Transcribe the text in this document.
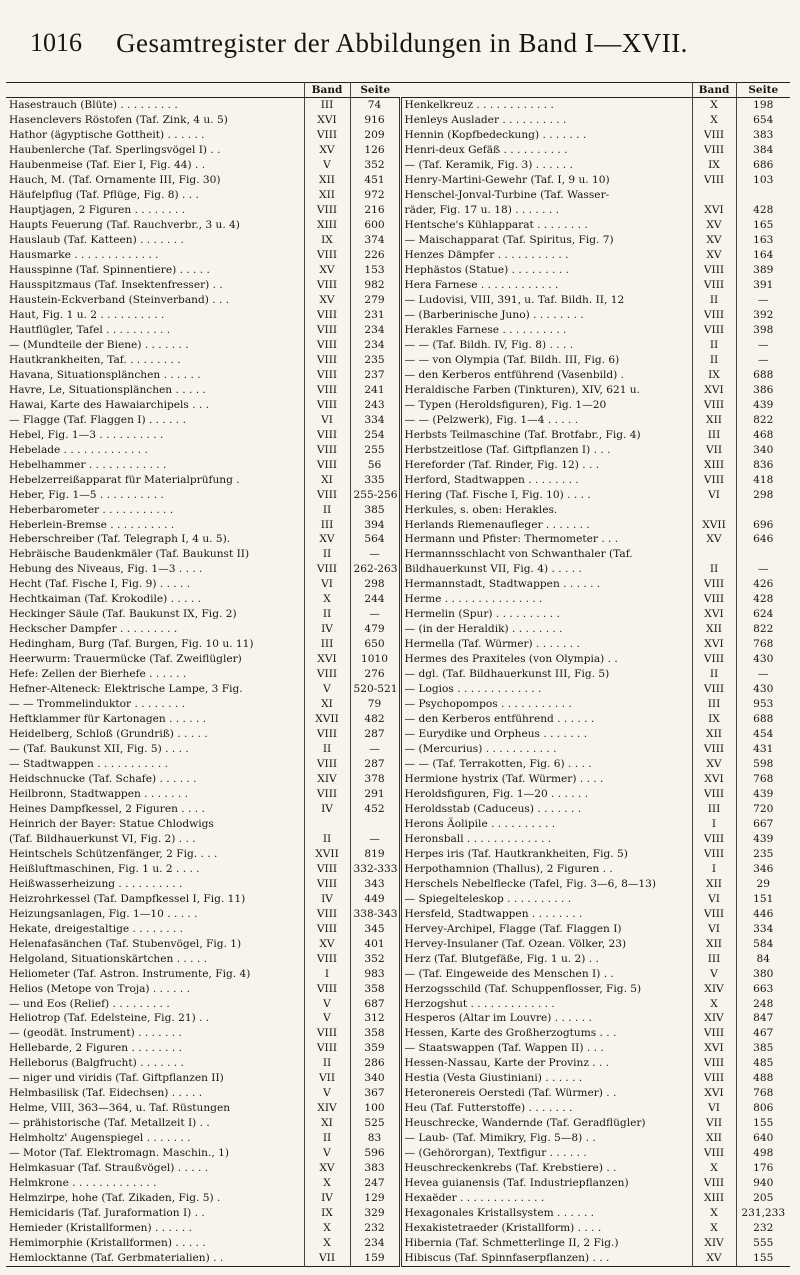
1016	Gesamtregister der Abbildungen in Band I—XVII.
	Band	Seite		Band	Seite
Hasestrauch (Blüte) . . . . . . . . .	III	74	Henkelkreuz . . . . . . . . . . . .	X	198
Hasenclevers Röstofen (Taf. Zink, 4 u. 5)	XVI	916	Henleys Auslader . . . . . . . . . .	X	654
Hathor (ägyptische Gottheit) . . . . . .	VIII	209	Hennin (Kopfbedeckung) . . . . . . .	VIII	383
Haubenlerche (Taf. Sperlingsvögel I) . .	XV	126	Henri-deux Gefäß . . . . . . . . . .	VIII	384
Haubenmeise (Taf. Eier I, Fig. 44) . .	V	352	— (Taf. Keramik, Fig. 3) . . . . . .	IX	686
Hauch, M. (Taf. Ornamente III, Fig. 30)	XII	451	Henry-Martini-Gewehr (Taf. I, 9 u. 10)	VIII	103
Häufelpflug (Taf. Pflüge, Fig. 8) . . .	XII	972	Henschel-Jonval-Turbine (Taf. Wasser-		
Hauptjagen, 2 Figuren . . . . . . . .	VIII	216	räder, Fig. 17 u. 18) . . . . . . .	XVI	428
Haupts Feuerung (Taf. Rauchverbr., 3 u. 4)	XIII	600	Hentsche's Kühlapparat . . . . . . . .	XV	165
Hauslaub (Taf. Katteen) . . . . . . .	IX	374	— Maischapparat (Taf. Spiritus, Fig. 7)	XV	163
Hausmarke . . . . . . . . . . . . .	VIII	226	Henzes Dämpfer . . . . . . . . . . .	XV	164
Hausspinne (Taf. Spinnentiere) . . . . .	XV	153	Hephästos (Statue) . . . . . . . . .	VIII	389
Hausspitzmaus (Taf. Insektenfresser) . .	VIII	982	Hera Farnese . . . . . . . . . . . .	VIII	391
Haustein-Eckverband (Steinverband) . . .	XV	279	— Ludovisi, VIII, 391, u. Taf. Bildh. II, 12	II	—
Haut, Fig. 1 u. 2 . . . . . . . . . .	VIII	231	— (Barberinische Juno) . . . . . . . .	VIII	392
Hautflügler, Tafel . . . . . . . . . .	VIII	234	Herakles Farnese . . . . . . . . . .	VIII	398
— (Mundteile der Biene) . . . . . . .	VIII	234	— — (Taf. Bildh. IV, Fig. 8) . . . .	II	—
Hautkrankheiten, Taf. . . . . . . . .	VIII	235	— — von Olympia (Taf. Bildh. III, Fig. 6)	II	—
Havana, Situationsplänchen . . . . . .	VIII	237	— den Kerberos entführend (Vasenbild) .	IX	688
Havre, Le, Situationsplänchen . . . . .	VIII	241	Heraldische Farben (Tinkturen), XIV, 621 u.	XVI	386
Hawai, Karte des Hawaiarchipels . . .	VIII	243	— Typen (Heroldsfiguren), Fig. 1—20	VIII	439
— Flagge (Taf. Flaggen I) . . . . . .	VI	334	— — (Pelzwerk), Fig. 1—4 . . . . .	XII	822
Hebel, Fig. 1—3 . . . . . . . . . .	VIII	254	Herbsts Teilmaschine (Taf. Brotfabr., Fig. 4)	III	468
Hebelade . . . . . . . . . . . . .	VIII	255	Herbstzeitlose (Taf. Giftpflanzen I) . . .	VII	340
Hebelhammer . . . . . . . . . . . .	VIII	56	Hereforder (Taf. Rinder, Fig. 12) . . .	XIII	836
Hebelzerreißapparat für Materialprüfung .	XI	335	Herford, Stadtwappen . . . . . . . .	VIII	418
Heber, Fig. 1—5 . . . . . . . . . .	VIII	255-256	Hering (Taf. Fische I, Fig. 10) . . . .	VI	298
Heberbarometer . . . . . . . . . . .	II	385	Herkules, s. oben: Herakles.		
Heberlein-Bremse . . . . . . . . . .	III	394	Herlands Riemenaufleger . . . . . . .	XVII	696
Heberschreiber (Taf. Telegraph I, 4 u. 5).	XV	564	Hermann und Pfister: Thermometer . . .	XV	646
Hebräische Baudenkmäler (Taf. Baukunst II)	II	—	Hermannsschlacht von Schwanthaler (Taf.		
Hebung des Niveaus, Fig. 1—3 . . . .	VIII	262-263	Bildhauerkunst VII, Fig. 4) . . . . .	II	—
Hecht (Taf. Fische I, Fig. 9) . . . . .	VI	298	Hermannstadt, Stadtwappen . . . . . .	VIII	426
Hechtkaiman (Taf. Krokodile) . . . . .	X	244	Herme . . . . . . . . . . . . . . .	VIII	428
Heckinger Säule (Taf. Baukunst IX, Fig. 2)	II	—	Hermelin (Spur) . . . . . . . . . .	XVI	624
Heckscher Dampfer . . . . . . . . .	IV	479	— (in der Heraldik) . . . . . . . .	XII	822
Hedingham, Burg (Taf. Burgen, Fig. 10 u. 11)	III	650	Hermella (Taf. Würmer) . . . . . . .	XVI	768
Heerwurm: Trauermücke (Taf. Zweiflügler)	XVI	1010	Hermes des Praxiteles (von Olympia) . .	VIII	430
Hefe: Zellen der Bierhefe . . . . . .	VIII	276	— dgl. (Taf. Bildhauerkunst III, Fig. 5)	II	—
Hefner-Alteneck: Elektrische Lampe, 3 Fig.	V	520-521	— Logios . . . . . . . . . . . . .	VIII	430
— — Trommelinduktor . . . . . . . .	XI	79	— Psychopompos . . . . . . . . . . .	III	953
Heftklammer für Kartonagen . . . . . .	XVII	482	— den Kerberos entführend . . . . . .	IX	688
Heidelberg, Schloß (Grundriß) . . . . .	VIII	287	— Eurydike und Orpheus . . . . . . .	XII	454
— (Taf. Baukunst XII, Fig. 5) . . . .	II	—	— (Mercurius) . . . . . . . . . . .	VIII	431
— Stadtwappen . . . . . . . . . . .	VIII	287	— — (Taf. Terrakotten, Fig. 6) . . . .	XV	598
Heidschnucke (Taf. Schafe) . . . . . .	XIV	378	Hermione hystrix (Taf. Würmer) . . . .	XVI	768
Heilbronn, Stadtwappen . . . . . . .	VIII	291	Heroldsfiguren, Fig. 1—20 . . . . . .	VIII	439
Heines Dampfkessel, 2 Figuren . . . .	IV	452	Heroldsstab (Caduceus) . . . . . . .	III	720
Heinrich der Bayer: Statue Chlodwigs			Herons Äolipile . . . . . . . . . .	I	667
(Taf. Bildhauerkunst VI, Fig. 2) . . .	II	—	Heronsball . . . . . . . . . . . . .	VIII	439
Heintschels Schützenfänger, 2 Fig. . . .	XVII	819	Herpes iris (Taf. Hautkrankheiten, Fig. 5)	VIII	235
Heißluftmaschinen, Fig. 1 u. 2 . . . .	VIII	332-333	Herpothamnion (Thallus), 2 Figuren . .	I	346
Heißwasserheizung . . . . . . . . . .	VIII	343	Herschels Nebelflecke (Tafel, Fig. 3—6, 8—13)	XII	29
Heizrohrkessel (Taf. Dampfkessel I, Fig. 11)	IV	449	— Spiegelteleskop . . . . . . . . . .	VI	151
Heizungsanlagen, Fig. 1—10 . . . . .	VIII	338-343	Hersfeld, Stadtwappen . . . . . . . .	VIII	446
Hekate, dreigestaltige . . . . . . . .	VIII	345	Hervey-Archipel, Flagge (Taf. Flaggen I)	VI	334
Helenafasänchen (Taf. Stubenvögel, Fig. 1)	XV	401	Hervey-Insulaner (Taf. Ozean. Völker, 23)	XII	584
Helgoland, Situationskärtchen . . . . .	VIII	352	Herz (Taf. Blutgefäße, Fig. 1 u. 2) . .	III	84
Heliometer (Taf. Astron. Instrumente, Fig. 4)	I	983	— (Taf. Eingeweide des Menschen I) . .	V	380
Helios (Metope von Troja) . . . . . .	VIII	358	Herzogsschild (Taf. Schuppenflosser, Fig. 5)	XIV	663
— und Eos (Relief) . . . . . . . . .	V	687	Herzogshut . . . . . . . . . . . . .	X	248
Heliotrop (Taf. Edelsteine, Fig. 21) . .	V	312	Hesperos (Altar im Louvre) . . . . . .	XIV	847
— (geodät. Instrument) . . . . . . .	VIII	358	Hessen, Karte des Großherzogtums . . .	VIII	467
Hellebarde, 2 Figuren . . . . . . . .	VIII	359	— Staatswappen (Taf. Wappen II) . . .	XVI	385
Helleborus (Balgfrucht) . . . . . . .	II	286	Hessen-Nassau, Karte der Provinz . . .	VIII	485
— niger und viridis (Taf. Giftpflanzen II)	VII	340	Hestia (Vesta Giustiniani) . . . . . .	VIII	488
Helmbasilisk (Taf. Eidechsen) . . . . .	V	367	Heteronereis Oerstedi (Taf. Würmer) . .	XVI	768
Helme, VIII, 363—364, u. Taf. Rüstungen	XIV	100	Heu (Taf. Futterstoffe) . . . . . . .	VI	806
— prähistorische (Taf. Metallzeit I) . .	XI	525	Heuschrecke, Wandernde (Taf. Geradflügler)	VII	155
Helmholtz' Augenspiegel . . . . . . .	II	83	— Laub- (Taf. Mimikry, Fig. 5—8) . .	XII	640
— Motor (Taf. Elektromagn. Maschin., 1)	V	596	— (Gehörorgan), Textfigur . . . . . .	VIII	498
Helmkasuar (Taf. Straußvögel) . . . . .	XV	383	Heuschreckenkrebs (Taf. Krebstiere) . .	X	176
Helmkrone . . . . . . . . . . . . .	X	247	Hevea guianensis (Taf. Industriepflanzen)	VIII	940
Helmzirpe, hohe (Taf. Zikaden, Fig. 5) .	IV	129	Hexaëder . . . . . . . . . . . . .	XIII	205
Hemicidaris (Taf. Juraformation I) . .	IX	329	Hexagonales Kristallsystem . . . . . .	X	231,233
Hemieder (Kristallformen) . . . . . .	X	232	Hexakistetraeder (Kristallform) . . . .	X	232
Hemimorphie (Kristallformen) . . . . .	X	234	Hibernia (Taf. Schmetterlinge II, 2 Fig.)	XIV	555
Hemlocktanne (Taf. Gerbmaterialien) . .	VII	159	Hibiscus (Taf. Spinnfaserpflanzen) . . .	XV	155
